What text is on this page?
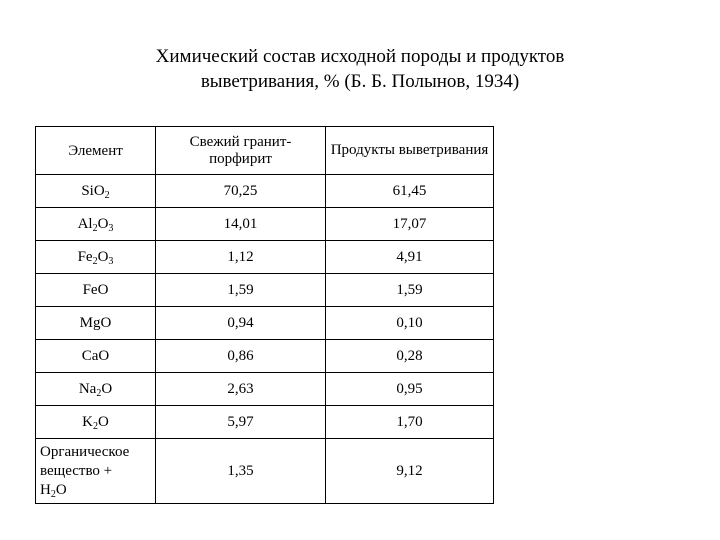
Химический состав исходной породы и продуктов
выветривания, % (Б. Б. Полынов, 1934)
Элемент	Свежий гранит-порфирит	Продукты выветривания
SiO$_2$	70,25	61,45
$Al_2O_3$	14,01	17,07
$Fe_2O_3$	1,12	4,91
FeO	1,59	1,59
MgO	0,94	0,10
CaO	0,86	0,28
$Na_2O$	2,63	0,95
$K_2O$	5,97	1,70
Органическое
вещество +
$H_2O$	1,35	9,12
